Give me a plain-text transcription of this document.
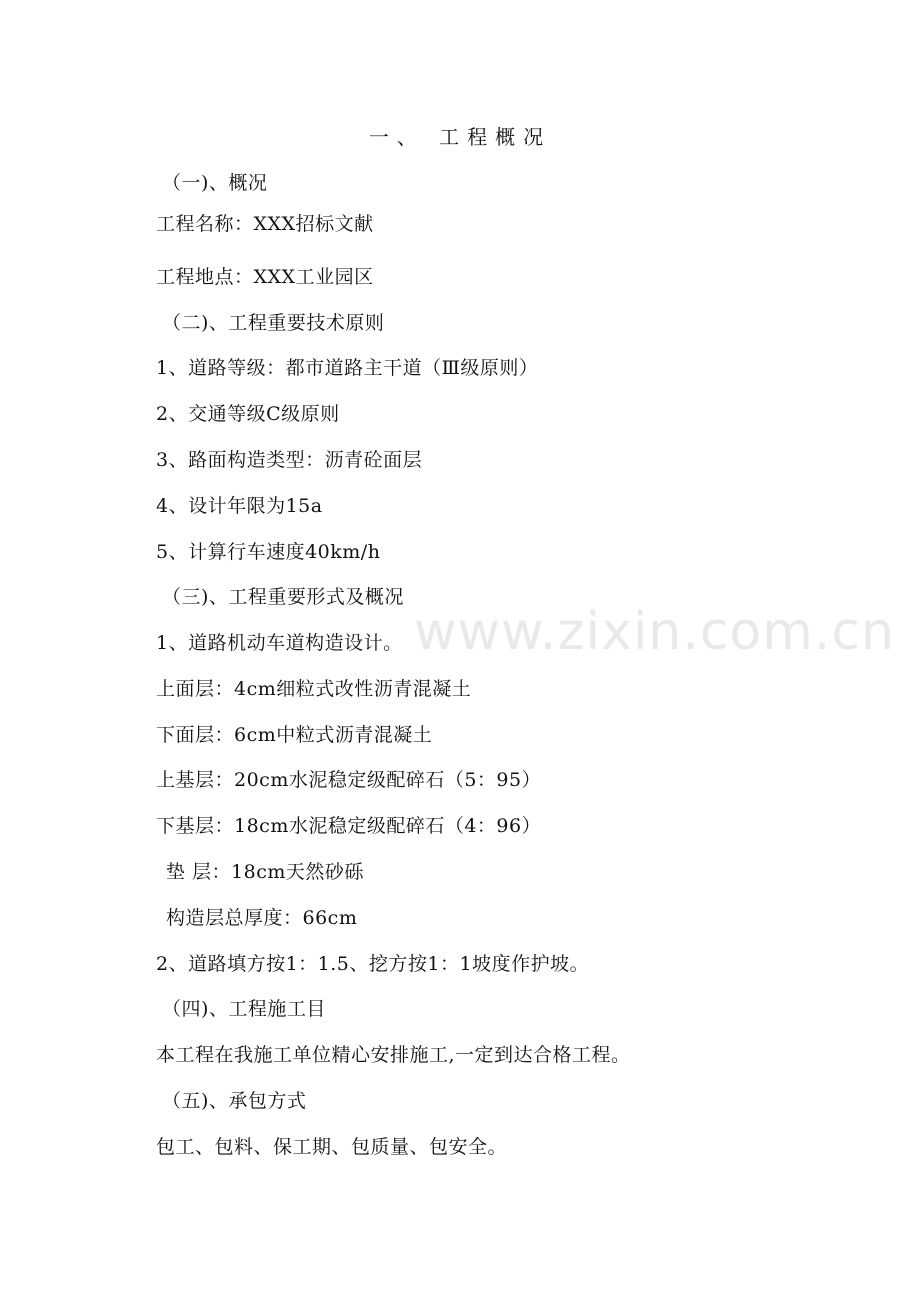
一、 工程概况
（一)、概况
工程名称：XXX招标文献
工程地点：XXX工业园区
（二)、工程重要技术原则
1、道路等级：都市道路主干道（Ⅲ级原则）
2、交通等级C级原则
3、路面构造类型：沥青砼面层
4、设计年限为15a
5、计算行车速度40km/h
（三)、工程重要形式及概况
1、道路机动车道构造设计。
上面层：4cm细粒式改性沥青混凝土
下面层：6cm中粒式沥青混凝土
上基层：20cm水泥稳定级配碎石（5：95）
下基层：18cm水泥稳定级配碎石（4：96）
垫 层：18cm天然砂砾
构造层总厚度：66cm
2、道路填方按1：1.5、挖方按1：1坡度作护坡。
（四)、工程施工目
本工程在我施工单位精心安排施工,一定到达合格工程。
（五)、承包方式
包工、包料、保工期、包质量、包安全。
www.zixin.com.cn
